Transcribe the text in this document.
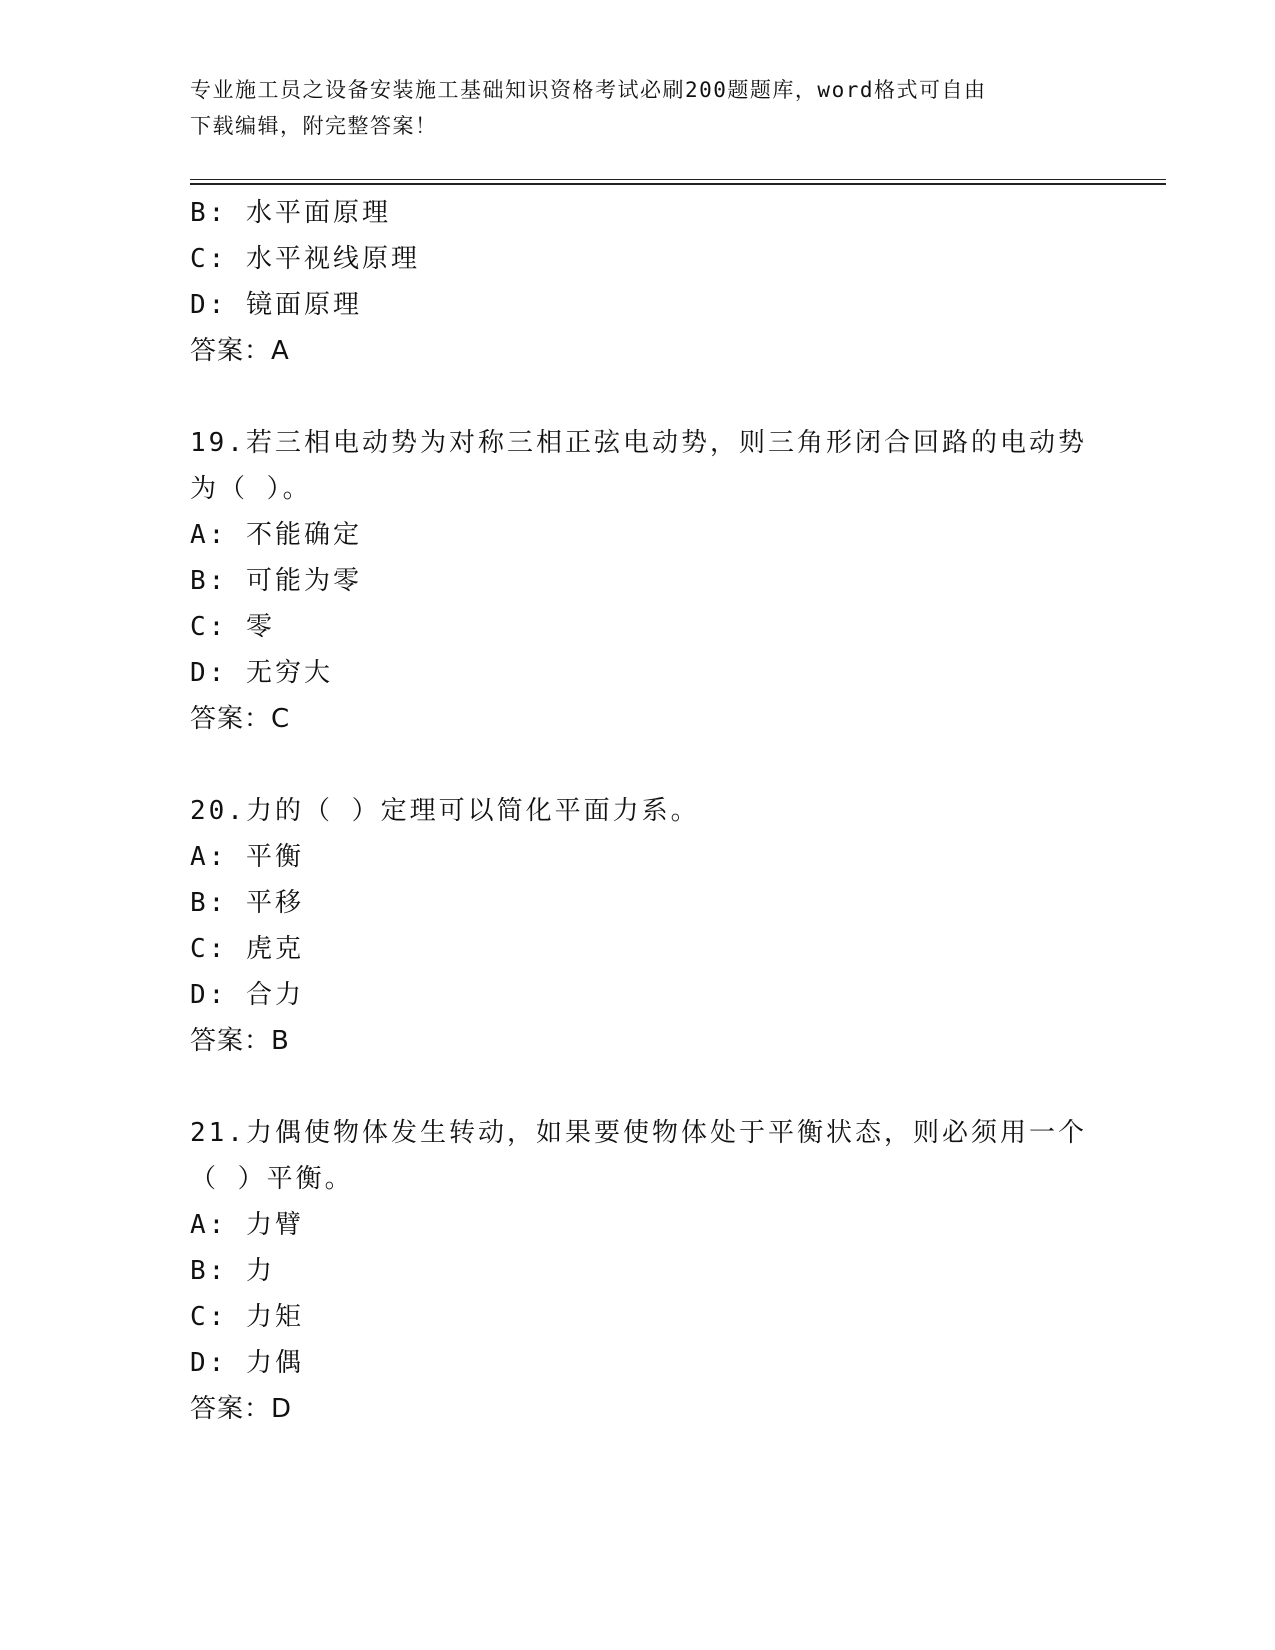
专业施工员之设备安装施工基础知识资格考试必刷200题题库，word格式可自由
下载编辑，附完整答案！
B: 水平面原理
C: 水平视线原理
D: 镜面原理
答案：A
19.若三相电动势为对称三相正弦电动势，则三角形闭合回路的电动势
为（ ）。
A: 不能确定
B: 可能为零
C: 零
D: 无穷大
答案：C
20.力的（ ）定理可以简化平面力系。
A: 平衡
B: 平移
C: 虎克
D: 合力
答案：B
21.力偶使物体发生转动，如果要使物体处于平衡状态，则必须用一个
（ ）平衡。
A: 力臂
B: 力
C: 力矩
D: 力偶
答案：D
